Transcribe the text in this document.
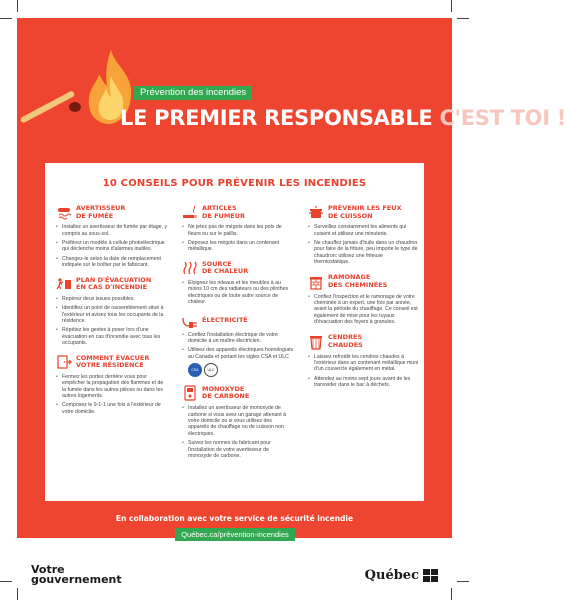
Prévention des incendies
LE PREMIER RESPONSABLE C'EST TOI !
10 CONSEILS POUR PRÉVENIR LES INCENDIES
AVERTISSEUR
DE FUMÉE
• Installez un avertisseur de fumée par étage, y compris au sous-sol.
• Préférez un modèle à cellule photoélectrique qui déclenche moins d'alarmes inutiles.
• Changez-le selon la date de remplacement indiquée sur le boîtier par le fabricant.
PLAN D'ÉVACUATION
EN CAS D'INCENDIE
• Repérez deux issues possibles.
• Identifiez un point de rassemblement situé à l'extérieur et avisez tous les occupants de la résidence.
• Répétez les gestes à poser lors d'une évacuation en cas d'incendie avec tous les occupants.
COMMENT ÉVACUER
VOTRE RÉSIDENCE
• Fermez les portes derrière vous pour empêcher la propagation des flammes et de la fumée dans les autres pièces ou dans les autres logements.
• Composez le 9-1-1 une fois à l'extérieur de votre domicile.
ARTICLES
DE FUMEUR
• Ne jetez pas de mégots dans les pots de fleurs ou sur le paillis.
• Déposez les mégots dans un contenant métallique.
SOURCE
DE CHALEUR
• Éloignez les rideaux et les meubles à au moins 10 cm des radiateurs ou des plinthes électriques ou de toute autre source de chaleur.
ÉLECTRICITÉ
• Confiez l'installation électrique de votre domicile à un maître électricien.
• Utilisez des appareils électriques homologués au Canada et portant les sigles CSA et ULC
CSA	ULC
MONOXYDE
DE CARBONE
• Installez un avertisseur de monoxyde de carbone si vous avez un garage attenant à votre domicile ou si vous utilisez des appareils de chauffage ou de cuisson non électriques.
• Suivez les normes du fabricant pour l'installation de votre avertisseur de monoxyde de carbone.
PRÉVENIR LES FEUX
DE CUISSON
• Surveillez constamment les aliments qui cuisent et utilisez une minuterie.
• Ne chauffez jamais d'huile dans un chaudron pour faire de la friture, peu importe le type de chaudron; utilisez une friteuse thermostatique.
RAMONAGE
DES CHEMINÉES
• Confiez l'inspection et le ramonage de votre cheminée à un expert, une fois par année, avant la période du chauffage. Ce conseil est également de mise pour les tuyaux d'évacuation des foyers à granules.
CENDRES
CHAUDES
• Laissez refroidir les cendres chaudes à l'extérieur dans un contenant métallique muni d'un couvercle également en métal.
• Attendez au moins sept jours avant de les transvider dans le bac à déchets.
En collaboration avec votre service de sécurité incendie
Québec.ca/prévention-incendies
Votre
gouvernement	Québec
